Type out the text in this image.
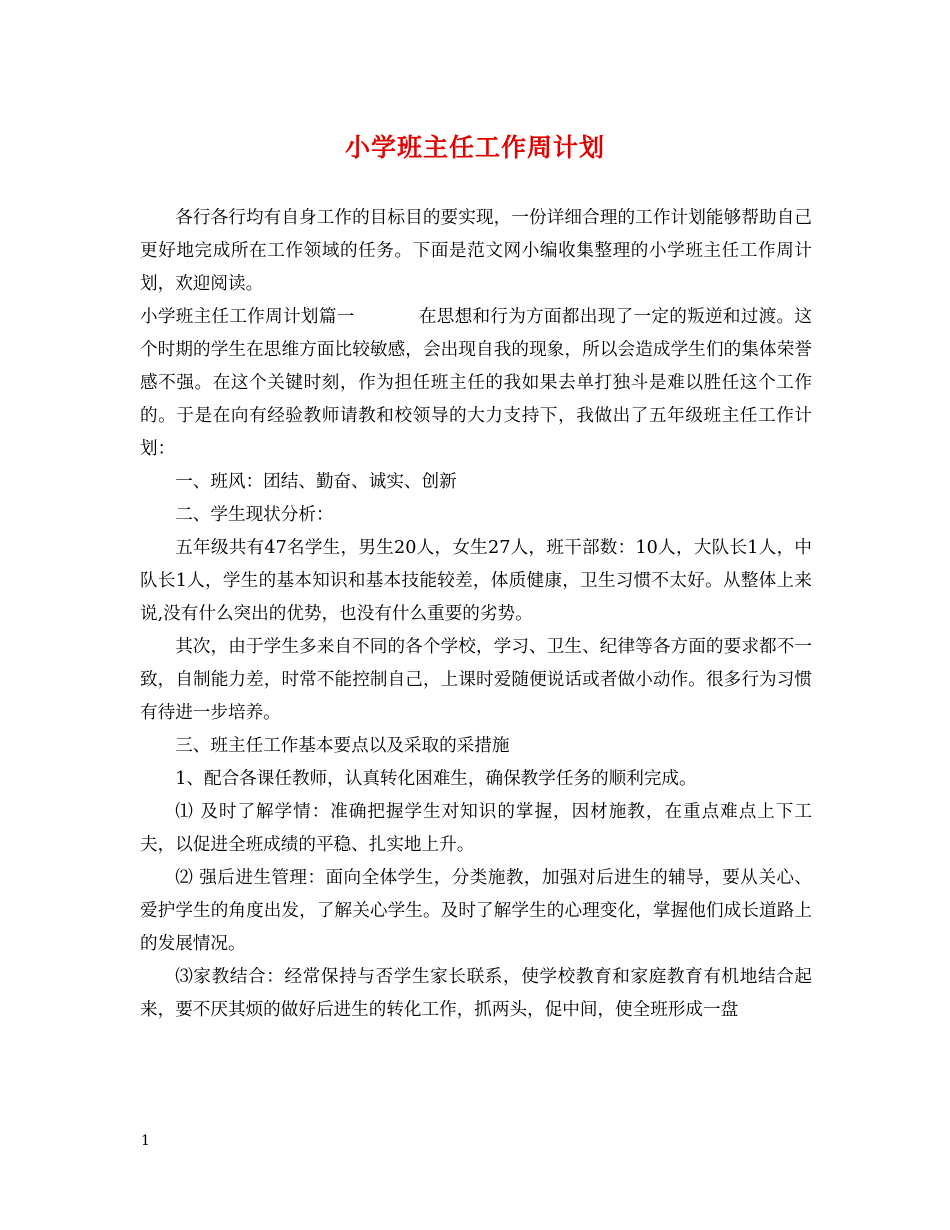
小学班主任工作周计划

各行各行均有自身工作的目标目的要实现，一份详细合理的工作计划能够帮助自己更好地完成所在工作领域的任务。下面是范文网小编收集整理的小学班主任工作周计划，欢迎阅读。

小学班主任工作周计划篇一	在思想和行为方面都出现了一定的叛逆和过渡。这个时期的学生在思维方面比较敏感，会出现自我的现象，所以会造成学生们的集体荣誉感不强。在这个关键时刻，作为担任班主任的我如果去单打独斗是难以胜任这个工作的。于是在向有经验教师请教和校领导的大力支持下，我做出了五年级班主任工作计划：

一、班风：团结、勤奋、诚实、创新

二、学生现状分析：

五年级共有47名学生，男生20人，女生27人，班干部数：10人，大队长1人，中队长1人，学生的基本知识和基本技能较差，体质健康，卫生习惯不太好。从整体上来说,没有什么突出的优势，也没有什么重要的劣势。

其次，由于学生多来自不同的各个学校，学习、卫生、纪律等各方面的要求都不一致，自制能力差，时常不能控制自己，上课时爱随便说话或者做小动作。很多行为习惯有待进一步培养。

三、班主任工作基本要点以及采取的采措施

1、配合各课任教师，认真转化困难生，确保教学任务的顺利完成。

⑴ 及时了解学情：准确把握学生对知识的掌握，因材施教，在重点难点上下工夫，以促进全班成绩的平稳、扎实地上升。

⑵ 强后进生管理：面向全体学生，分类施教，加强对后进生的辅导，要从关心、爱护学生的角度出发，了解关心学生。及时了解学生的心理变化，掌握他们成长道路上的发展情况。

⑶家教结合：经常保持与否学生家长联系，使学校教育和家庭教育有机地结合起来，要不厌其烦的做好后进生的转化工作，抓两头，促中间，使全班形成一盘

1
